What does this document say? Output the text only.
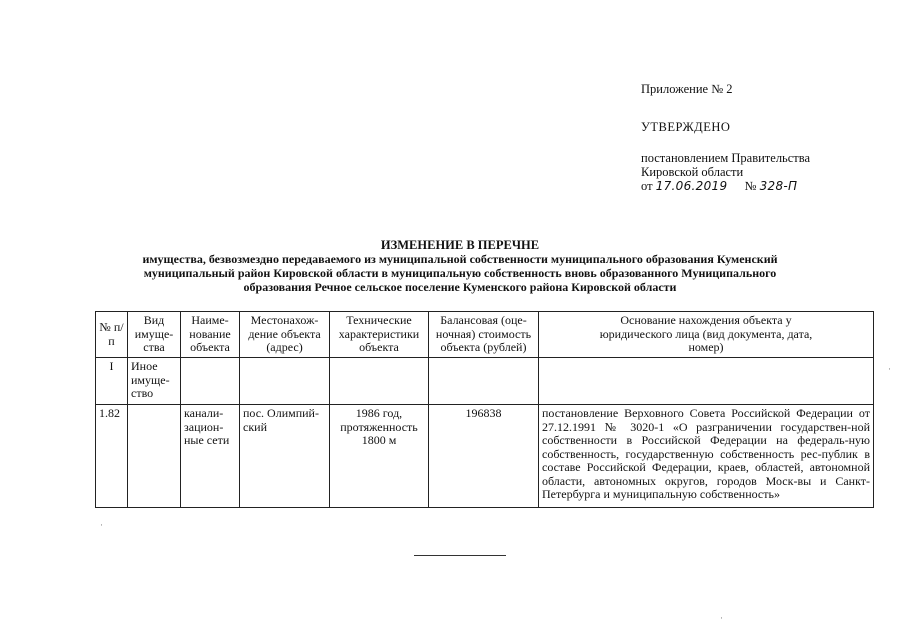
Приложение № 2
УТВЕРЖДЕНО
постановлением Правительства
Кировской области
от 17.06.2019 № 328-П
ИЗМЕНЕНИЕ В ПЕРЕЧНЕ
имущества, безвозмездно передаваемого из муниципальной собственности муниципального образования Куменский
муниципальный район Кировской области в муниципальную собственность вновь образованного Муниципального
образования Речное сельское поселение Куменского района Кировской области
№ п/п	Вид имуще-ства	Наиме-нование объекта	Местонахож-дение объекта (адрес)	Технические характеристики объекта	Балансовая (оце-ночная) стоимость объекта (рублей)	Основание нахождения объекта у юридического лица (вид документа, дата, номер)
I	Иное имуще-ство					
1.82		канали-зацион-ные сети	пос. Олимпий-ский	1986 год, протяженность 1800 м	196838	постановление Верховного Совета Российской Федерации от 27.12.1991 № 3020-1 «О разграничении государствен-ной собственности в Российской Федерации на федераль-ную собственность, государственную собственность рес-публик в составе Российской Федерации, краев, областей, автономной области, автономных округов, городов Моск-вы и Санкт-Петербурга и муниципальную собственность»
·
·
·
